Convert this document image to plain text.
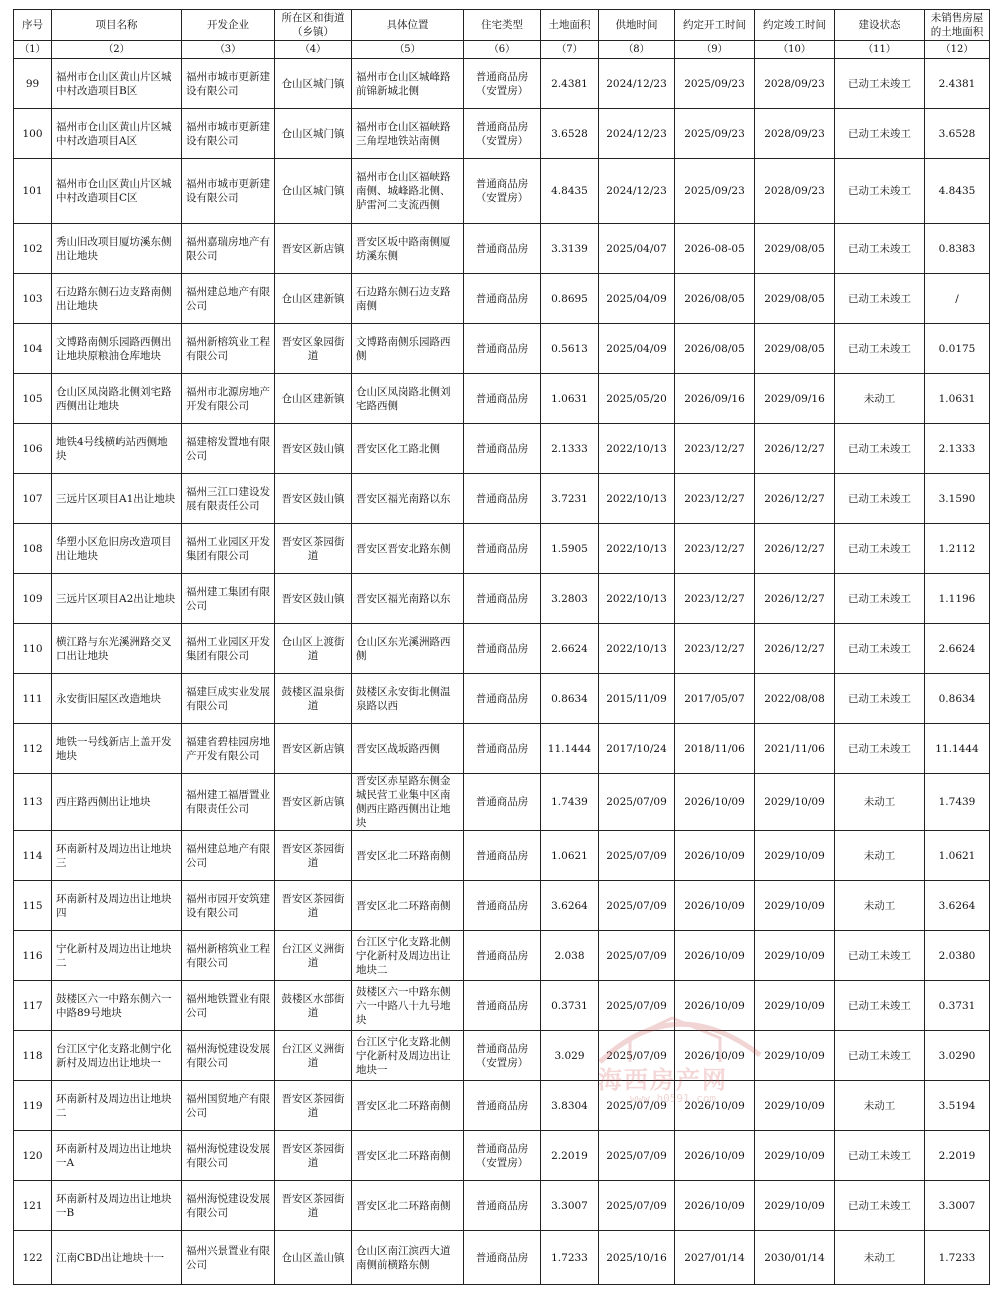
序号	项目名称	开发企业	所在区和街道（乡镇）	具体位置	住宅类型	土地面积	供地时间	约定开工时间	约定竣工时间	建设状态	未销售房屋的土地面积
（1）	（2）	（3）	（4）	（5）	（6）	（7）	（8）	（9）	（10）	（11）	（12）
99	福州市仓山区黄山片区城中村改造项目B区	福州市城市更新建设有限公司	仓山区城门镇	福州市仓山区城峰路前锦新城北侧	普通商品房（安置房）	2.4381	2024/12/23	2025/09/23	2028/09/23	已动工未竣工	2.4381
100	福州市仓山区黄山片区城中村改造项目A区	福州市城市更新建设有限公司	仓山区城门镇	福州市仓山区福峡路三角埕地铁站南侧	普通商品房（安置房）	3.6528	2024/12/23	2025/09/23	2028/09/23	已动工未竣工	3.6528
101	福州市仓山区黄山片区城中村改造项目C区	福州市城市更新建设有限公司	仓山区城门镇	福州市仓山区福峡路南侧、城峰路北侧、胪雷河二支流西侧	普通商品房（安置房）	4.8435	2024/12/23	2025/09/23	2028/09/23	已动工未竣工	4.8435
102	秀山旧改项目厦坊溪东侧出让地块	福州嘉瑞房地产有限公司	晋安区新店镇	晋安区坂中路南侧厦坊溪东侧	普通商品房	3.3139	2025/04/07	2026-08-05	2029/08/05	已动工未竣工	0.8383
103	石边路东侧石边支路南侧出让地块	福州建总地产有限公司	仓山区建新镇	石边路东侧石边支路南侧	普通商品房	0.8695	2025/04/09	2026/08/05	2029/08/05	已动工未竣工	/
104	文博路南侧乐园路西侧出让地块原粮油仓库地块	福州新榕筑业工程有限公司	晋安区象园街道	文博路南侧乐园路西侧	普通商品房	0.5613	2025/04/09	2026/08/05	2029/08/05	已动工未竣工	0.0175
105	仓山区凤岗路北侧刘宅路西侧出让地块	福州市北源房地产开发有限公司	仓山区建新镇	仓山区凤岗路北侧刘宅路西侧	普通商品房	1.0631	2025/05/20	2026/09/16	2029/09/16	未动工	1.0631
106	地铁4号线横屿站西侧地块	福建榕发置地有限公司	晋安区鼓山镇	晋安区化工路北侧	普通商品房	2.1333	2022/10/13	2023/12/27	2026/12/27	已动工未竣工	2.1333
107	三远片区项目A1出让地块	福州三江口建设发展有限责任公司	晋安区鼓山镇	晋安区福光南路以东	普通商品房	3.7231	2022/10/13	2023/12/27	2026/12/27	已动工未竣工	3.1590
108	华塑小区危旧房改造项目出让地块	福州工业园区开发集团有限公司	晋安区茶园街道	晋安区晋安北路东侧	普通商品房	1.5905	2022/10/13	2023/12/27	2026/12/27	已动工未竣工	1.2112
109	三远片区项目A2出让地块	福州建工集团有限公司	晋安区鼓山镇	晋安区福光南路以东	普通商品房	3.2803	2022/10/13	2023/12/27	2026/12/27	已动工未竣工	1.1196
110	横江路与东光溪洲路交叉口出让地块	福州工业园区开发集团有限公司	仓山区上渡街道	仓山区东光溪洲路西侧	普通商品房	2.6624	2022/10/13	2023/12/27	2026/12/27	已动工未竣工	2.6624
111	永安街旧屋区改造地块	福建巨成实业发展有限公司	鼓楼区温泉街道	鼓楼区永安街北侧温泉路以西	普通商品房	0.8634	2015/11/09	2017/05/07	2022/08/08	已动工未竣工	0.8634
112	地铁一号线新店上盖开发地块	福建省碧桂园房地产开发有限公司	晋安区新店镇	晋安区战坂路西侧	普通商品房	11.1444	2017/10/24	2018/11/06	2021/11/06	已动工未竣工	11.1444
113	西庄路西侧出让地块	福州建工福厝置业有限责任公司	晋安区新店镇	晋安区赤星路东侧金城民营工业集中区南侧西庄路西侧出让地块	普通商品房	1.7439	2025/07/09	2026/10/09	2029/10/09	未动工	1.7439
114	环南新村及周边出让地块三	福州建总地产有限公司	晋安区茶园街道	晋安区北二环路南侧	普通商品房	1.0621	2025/07/09	2026/10/09	2029/10/09	未动工	1.0621
115	环南新村及周边出让地块四	福州市园开安筑建设有限公司	晋安区茶园街道	晋安区北二环路南侧	普通商品房	3.6264	2025/07/09	2026/10/09	2029/10/09	未动工	3.6264
116	宁化新村及周边出让地块二	福州新榕筑业工程有限公司	台江区义洲街道	台江区宁化支路北侧宁化新村及周边出让地块二	普通商品房	2.038	2025/07/09	2026/10/09	2029/10/09	已动工未竣工	2.0380
117	鼓楼区六一中路东侧六一中路89号地块	福州地铁置业有限公司	鼓楼区水部街道	鼓楼区六一中路东侧六一中路八十九号地块	普通商品房	0.3731	2025/07/09	2026/10/09	2029/10/09	已动工未竣工	0.3731
118	台江区宁化支路北侧宁化新村及周边出让地块一	福州海悦建设发展有限公司	台江区义洲街道	台江区宁化支路北侧宁化新村及周边出让地块一	普通商品房（安置房）	3.029	2025/07/09	2026/10/09	2029/10/09	已动工未竣工	3.0290
119	环南新村及周边出让地块二	福州国贸地产有限公司	晋安区茶园街道	晋安区北二环路南侧	普通商品房	3.8304	2025/07/09	2026/10/09	2029/10/09	未动工	3.5194
120	环南新村及周边出让地块一A	福州海悦建设发展有限公司	晋安区茶园街道	晋安区北二环路南侧	普通商品房（安置房）	2.2019	2025/07/09	2026/10/09	2029/10/09	已动工未竣工	2.2019
121	环南新村及周边出让地块一B	福州海悦建设发展有限公司	晋安区茶园街道	晋安区北二环路南侧	普通商品房	3.3007	2025/07/09	2026/10/09	2029/10/09	已动工未竣工	3.3007
122	江南CBD出让地块十一	福州兴景置业有限公司	仓山区盖山镇	仓山区南江滨西大道南侧前横路东侧	普通商品房	1.7233	2025/10/16	2027/01/14	2030/01/14	未动工	1.7233
海西房产网
www.h0591.com
